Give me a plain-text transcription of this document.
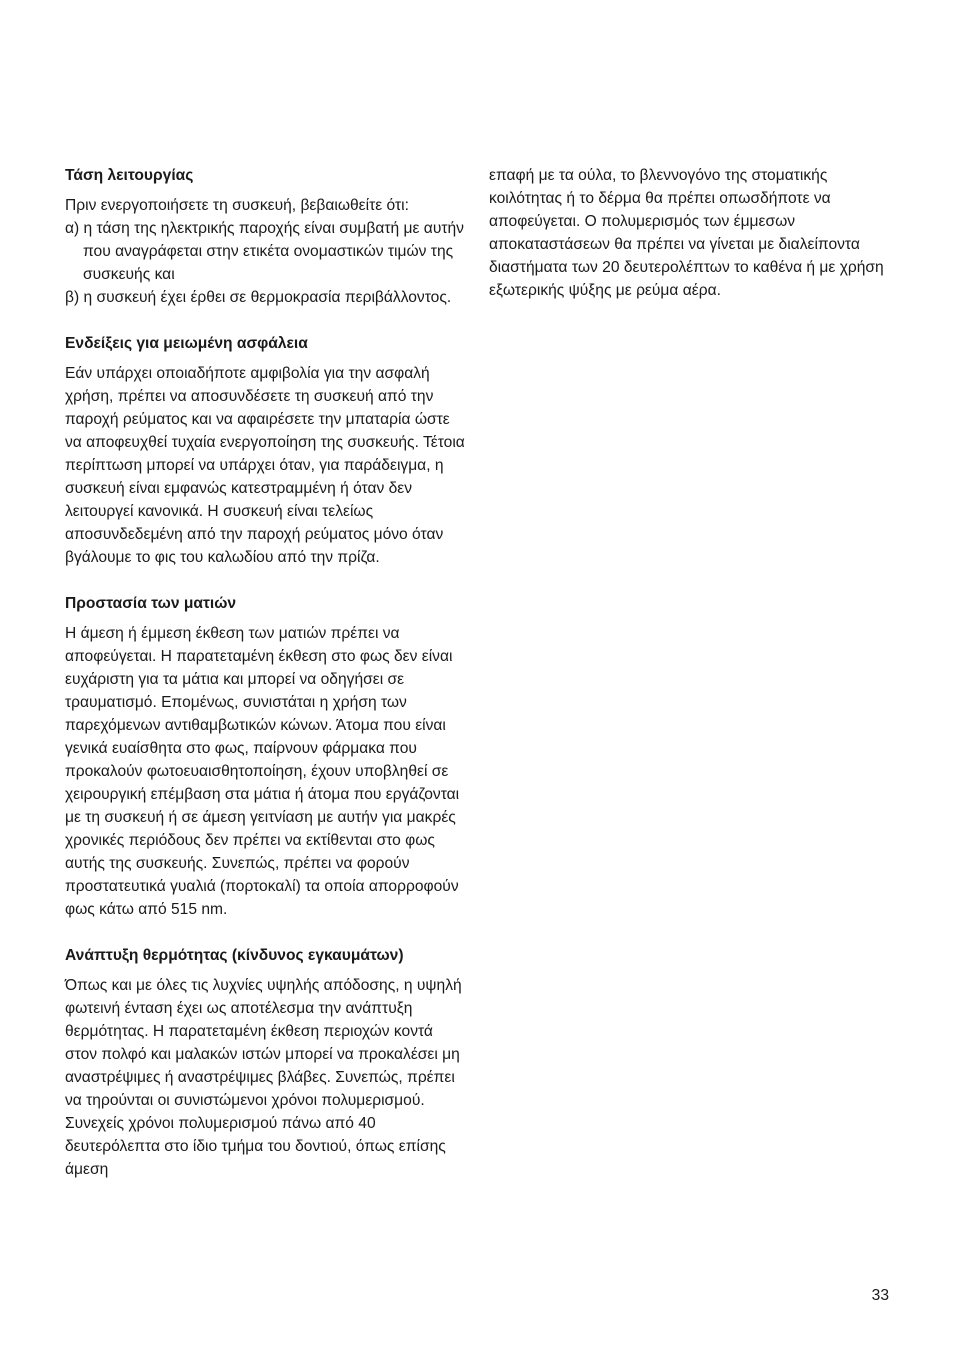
Τάση λειτουργίας

Πριν ενεργοποιήσετε τη συσκευή, βεβαιωθείτε ότι:

α) η τάση της ηλεκτρικής παροχής είναι συμβατή με αυτήν που αναγράφεται στην ετικέτα ονομαστικών τιμών της συσκευής και

β) η συσκευή έχει έρθει σε θερμοκρασία περιβάλλοντος.

Ενδείξεις για μειωμένη ασφάλεια

Εάν υπάρχει οποιαδήποτε αμφιβολία για την ασφαλή χρήση, πρέπει να αποσυνδέσετε τη συσκευή από την παροχή ρεύματος και να αφαιρέσετε την μπαταρία ώστε να αποφευχθεί τυχαία ενεργοποίηση της συσκευής. Τέτοια περίπτωση μπορεί να υπάρχει όταν, για παράδειγμα, η συσκευή είναι εμφανώς κατεστραμμένη ή όταν δεν λειτουργεί κανονικά. Η συσκευή είναι τελείως αποσυνδεδεμένη από την παροχή ρεύματος μόνο όταν βγάλουμε το φις του καλωδίου από την πρίζα.

Προστασία των ματιών

Η άμεση ή έμμεση έκθεση των ματιών πρέπει να αποφεύγεται. Η παρατεταμένη έκθεση στο φως δεν είναι ευχάριστη για τα μάτια και μπορεί να οδηγήσει σε τραυματισμό. Επομένως, συνιστάται η χρήση των παρεχόμενων αντιθαμβωτικών κώνων. Άτομα που είναι γενικά ευαίσθητα στο φως, παίρνουν φάρμακα που προκαλούν φωτοευαισθητοποίηση, έχουν υποβληθεί σε χειρουργική επέμβαση στα μάτια ή άτομα που εργάζονται με τη συσκευή ή σε άμεση γειτνίαση με αυτήν για μακρές χρονικές περιόδους δεν πρέπει να εκτίθενται στο φως αυτής της συσκευής. Συνεπώς, πρέπει να φορούν προστατευτικά γυαλιά (πορτοκαλί) τα οποία απορροφούν φως κάτω από 515 nm.

Ανάπτυξη θερμότητας (κίνδυνος εγκαυμάτων)

Όπως και με όλες τις λυχνίες υψηλής απόδοσης, η υψηλή φωτεινή ένταση έχει ως αποτέλεσμα την ανάπτυξη θερμότητας. Η παρατεταμένη έκθεση περιοχών κοντά στον πολφό και μαλακών ιστών μπορεί να προκαλέσει μη αναστρέψιμες ή αναστρέψιμες βλάβες. Συνεπώς, πρέπει να τηρούνται οι συνιστώμενοι χρόνοι πολυμερισμού. Συνεχείς χρόνοι πολυμερισμού πάνω από 40 δευτερόλεπτα στο ίδιο τμήμα του δοντιού, όπως επίσης άμεση

επαφή με τα ούλα, το βλεννογόνο της στοματικής κοιλότητας ή το δέρμα θα πρέπει οπωσδήποτε να αποφεύγεται. Ο πολυμερισμός των έμμεσων αποκαταστάσεων θα πρέπει να γίνεται με διαλείποντα διαστήματα των 20 δευτερολέπτων το καθένα ή με χρήση εξωτερικής ψύξης με ρεύμα αέρα.

33
